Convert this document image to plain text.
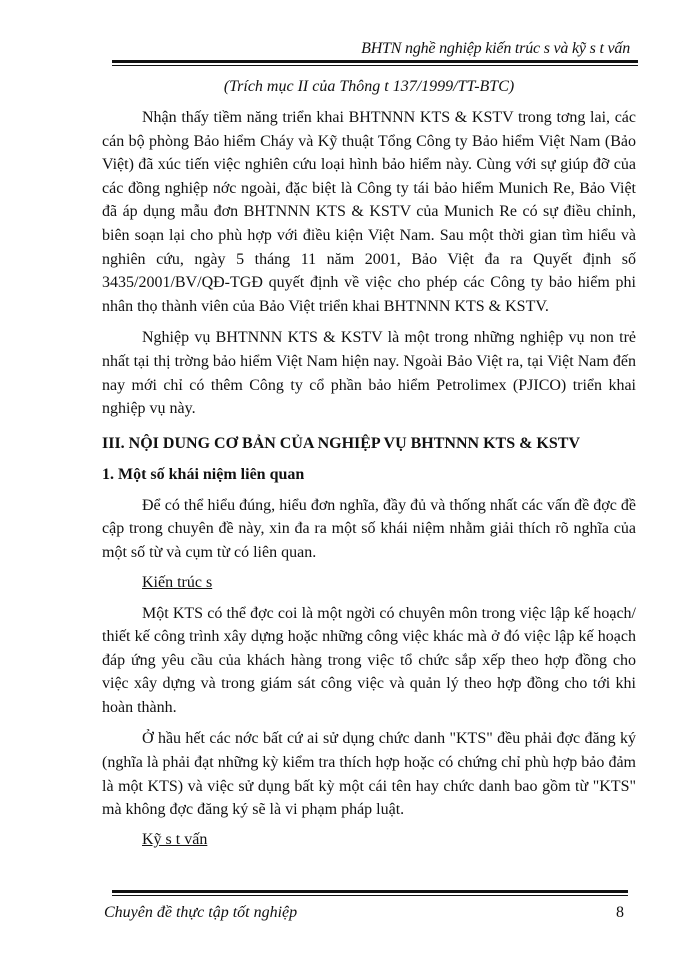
BHTN nghề nghiệp kiến trúc s và kỹ s t vấn

(Trích mục II của Thông t 137/1999/TT-BTC)

Nhận thấy tiềm năng triển khai BHTNNN KTS & KSTV trong tơng lai, các cán bộ phòng Bảo hiểm Cháy và Kỹ thuật Tổng Công ty Bảo hiểm Việt Nam (Bảo Việt) đã xúc tiến việc nghiên cứu loại hình bảo hiểm này. Cùng với sự giúp đỡ của các đồng nghiệp nớc ngoài, đặc biệt là Công ty tái bảo hiểm Munich Re, Bảo Việt đã áp dụng mẫu đơn BHTNNN KTS & KSTV của Munich Re có sự điều chỉnh, biên soạn lại cho phù hợp với điều kiện Việt Nam. Sau một thời gian tìm hiểu và nghiên cứu, ngày 5 tháng 11 năm 2001, Bảo Việt đa ra Quyết định số 3435/2001/BV/QĐ-TGĐ quyết định về việc cho phép các Công ty bảo hiểm phi nhân thọ thành viên của Bảo Việt triển khai BHTNNN KTS & KSTV.

Nghiệp vụ BHTNNN KTS & KSTV là một trong những nghiệp vụ non trẻ nhất tại thị trờng bảo hiểm Việt Nam hiện nay. Ngoài Bảo Việt ra, tại Việt Nam đến nay mới chỉ có thêm Công ty cổ phần bảo hiểm Petrolimex (PJICO) triển khai nghiệp vụ này.

III. NỘI DUNG CƠ BẢN CỦA NGHIỆP VỤ BHTNNN KTS & KSTV
1. Một số khái niệm liên quan

Để có thể hiểu đúng, hiểu đơn nghĩa, đầy đủ và thống nhất các vấn đề đợc đề cập trong chuyên đề này, xin đa ra một số khái niệm nhằm giải thích rõ nghĩa của một số từ và cụm từ có liên quan.

Kiến trúc s

Một KTS có thể đợc coi là một ngời có chuyên môn trong việc lập kế hoạch/ thiết kế công trình xây dựng hoặc những công việc khác mà ở đó việc lập kế hoạch đáp ứng yêu cầu của khách hàng trong việc tổ chức sắp xếp theo hợp đồng cho việc xây dựng và trong giám sát công việc và quản lý theo hợp đồng cho tới khi hoàn thành.

Ở hầu hết các nớc bất cứ ai sử dụng chức danh "KTS" đều phải đợc đăng ký (nghĩa là phải đạt những kỳ kiểm tra thích hợp hoặc có chứng chỉ phù hợp bảo đảm là một KTS) và việc sử dụng bất kỳ một cái tên hay chức danh bao gồm từ "KTS" mà không đợc đăng ký sẽ là vi phạm pháp luật.

Kỹ s t vấn
Chuyên đề thực tập tốt nghiệp	8
